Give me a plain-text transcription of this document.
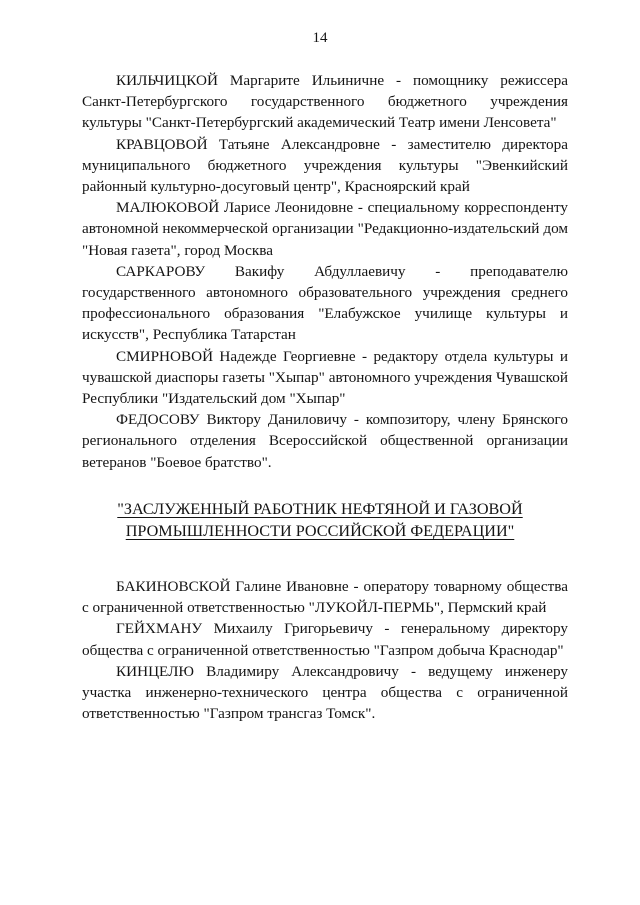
14

КИЛЬЧИЦКОЙ Маргарите Ильиничне - помощнику режиссера Санкт-Петербургского государственного бюджетного учреждения культуры "Санкт-Петербургский академический Театр имени Ленсовета"

КРАВЦОВОЙ Татьяне Александровне - заместителю директора муниципального бюджетного учреждения культуры "Эвенкийский районный культурно-досуговый центр", Красноярский край

МАЛЮКОВОЙ Ларисе Леонидовне - специальному корреспонденту автономной некоммерческой организации "Редакционно-издательский дом "Новая газета", город Москва

САРКАРОВУ Вакифу Абдуллаевичу - преподавателю государственного автономного образовательного учреждения среднего профессионального образования "Елабужское училище культуры и искусств", Республика Татарстан

СМИРНОВОЙ Надежде Георгиевне - редактору отдела культуры и чувашской диаспоры газеты "Хыпар" автономного учреждения Чувашской Республики "Издательский дом "Хыпар"

ФЕДОСОВУ Виктору Даниловичу - композитору, члену Брянского регионального отделения Всероссийской общественной организации ветеранов "Боевое братство".

"ЗАСЛУЖЕННЫЙ РАБОТНИК НЕФТЯНОЙ И ГАЗОВОЙ
ПРОМЫШЛЕННОСТИ РОССИЙСКОЙ ФЕДЕРАЦИИ"

БАКИНОВСКОЙ Галине Ивановне - оператору товарному общества с ограниченной ответственностью "ЛУКОЙЛ-ПЕРМЬ", Пермский край

ГЕЙХМАНУ Михаилу Григорьевичу - генеральному директору общества с ограниченной ответственностью "Газпром добыча Краснодар"

КИНЦЕЛЮ Владимиру Александровичу - ведущему инженеру участка инженерно-технического центра общества с ограниченной ответственностью "Газпром трансгаз Томск".
